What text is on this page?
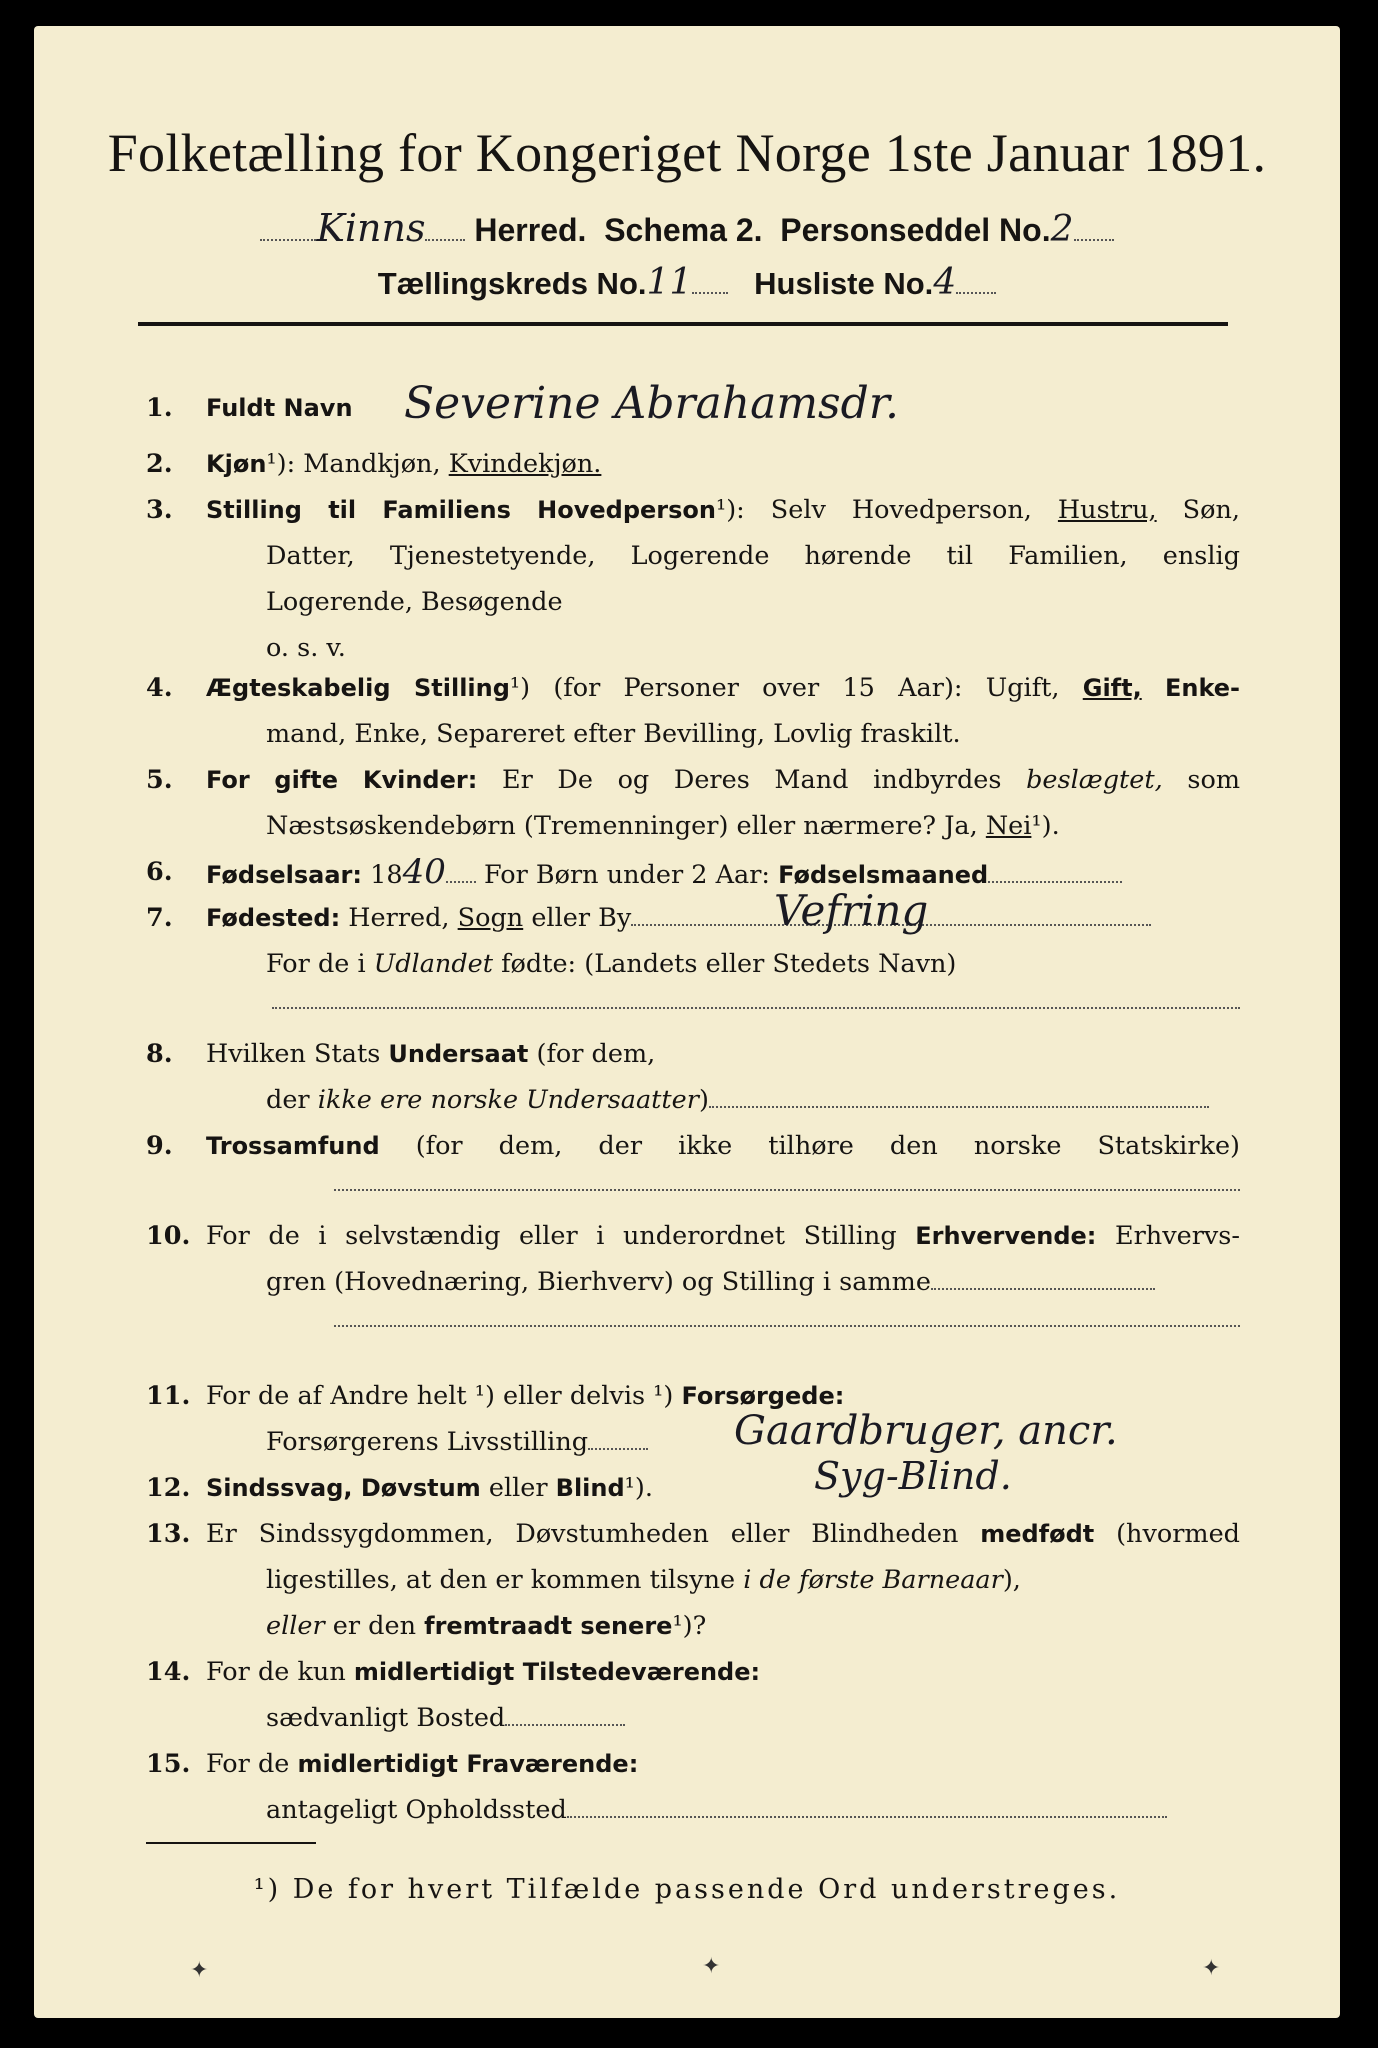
Folketælling for Kongeriget Norge 1ste Januar 1891.
Kinns Herred. Schema 2. Personseddel No.2
Tællingskreds No.11 Husliste No.4
1.	Fuldt Navn	Severine Abrahamsdr.
2.	Kjøn¹): Mandkjøn, Kvindekjøn.
3.	Stilling til Familiens Hovedperson¹): Selv Hovedperson, Hustru, Søn,
Datter, Tjenestetyende, Logerende hørende til Familien, enslig
Logerende, Besøgende
o. s. v.
4.	Ægteskabelig Stilling¹) (for Personer over 15 Aar): Ugift, Gift, Enke-
mand, Enke, Separeret efter Bevilling, Lovlig fraskilt.
5.	For gifte Kvinder: Er De og Deres Mand indbyrdes beslægtet, som
Næstsøskendebørn (Tremenninger) eller nærmere? Ja, Nei¹).
6.	Fødselsaar: 1840 For Børn under 2 Aar: Fødselsmaaned
7.	Fødested: Herred, Sogn eller By	Vefring
For de i Udlandet fødte: (Landets eller Stedets Navn)
8.	Hvilken Stats Undersaat (for dem,
der ikke ere norske Undersaatter)
9.	Trossamfund (for dem, der ikke tilhøre den norske Statskirke)
10. For de i selvstændig eller i underordnet Stilling Erhvervende: Erhvervs-
gren (Hovednæring, Bierhverv) og Stilling i samme
11. For de af Andre helt ¹) eller delvis ¹) Forsørgede:
Forsørgerens Livsstilling	Gaardbruger, ancr.
12. Sindssvag, Døvstum eller Blind¹).	Syg-Blind.
13. Er Sindssygdommen, Døvstumheden eller Blindheden medfødt (hvormed
ligestilles, at den er kommen tilsyne i de første Barneaar),
eller er den fremtraadt senere¹)?
14. For de kun midlertidigt Tilstedeværende:
sædvanligt Bosted
15. For de midlertidigt Fraværende:
antageligt Opholdssted
¹) De for hvert Tilfælde passende Ord understreges.
✦	✦	✦
